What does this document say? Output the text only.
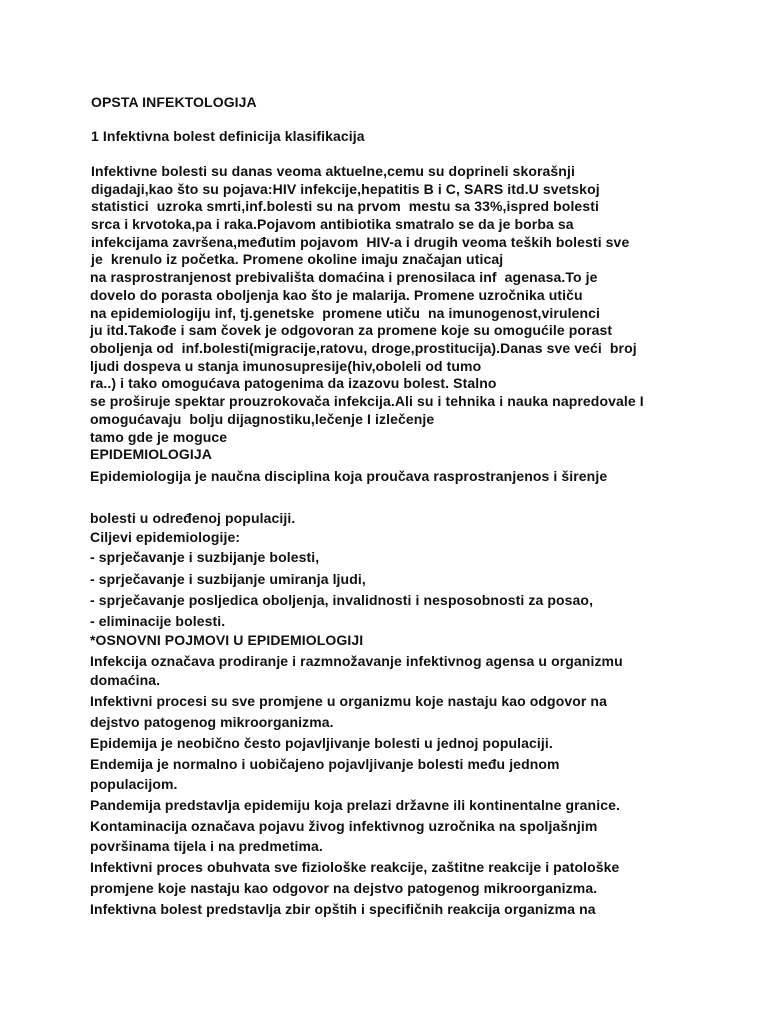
OPSTA INFEKTOLOGIJA
1 Infektivna bolest definicija klasifikacija
Infektivne bolesti su danas veoma aktuelne,cemu su doprineli skorašnji
digadaji,kao što su pojava:HIV infekcije,hepatitis B i C, SARS itd.U svetskoj
statistici  uzroka smrti,inf.bolesti su na prvom  mestu sa 33%,ispred bolesti
srca i krvotoka,pa i raka.Pojavom antibiotika smatralo se da je borba sa
infekcijama završena,međutim pojavom  HIV-a i drugih veoma teških bolesti sve
je  krenulo iz početka. Promene okoline imaju značajan uticaj
na rasprostranjenost prebivališta domaćina i prenosilaca inf  agenasa.To je
dovelo do porasta oboljenja kao što je malarija. Promene uzročnika utiču
na epidemiologiju inf, tj.genetske  promene utiču  na imunogenost,virulenci
ju itd.Takođe i sam čovek je odgovoran za promene koje su omogućile porast
oboljenja od  inf.bolesti(migracije,ratovu, droge,prostitucija).Danas sve veći  broj
ljudi dospeva u stanja imunosupresije(hiv,oboleli od tumo
ra..) i tako omogućava patogenima da izazovu bolest. Stalno
se proširuje spektar prouzrokovača infekcija.Ali su i tehnika i nauka napredovale I
omogućavaju  bolju dijagnostiku,lečenje I izlečenje
tamo gde je moguce
EPIDEMIOLOGIJA
Epidemiologija je naučna disciplina koja proučava rasprostranjenos i širenje
bolesti u određenoj populaciji.
Ciljevi epidemiologije:
- sprječavanje i suzbijanje bolesti,
- sprječavanje i suzbijanje umiranja ljudi,
- sprječavanje posljedica oboljenja, invalidnosti i nesposobnosti za posao,
- eliminacije bolesti.
*OSNOVNI POJMOVI U EPIDEMIOLOGIJI
Infekcija označava prodiranje i razmnožavanje infektivnog agensa u organizmu
domaćina.
Infektivni procesi su sve promjene u organizmu koje nastaju kao odgovor na
dejstvo patogenog mikroorganizma.
Epidemija je neobično često pojavljivanje bolesti u jednoj populaciji.
Endemija je normalno i uobičajeno pojavljivanje bolesti među jednom
populacijom.
Pandemija predstavlja epidemiju koja prelazi državne ili kontinentalne granice.
Kontaminacija označava pojavu živog infektivnog uzročnika na spoljašnjim
površinama tijela i na predmetima.
Infektivni proces obuhvata sve fiziološke reakcije, zaštitne reakcije i patološke
promjene koje nastaju kao odgovor na dejstvo patogenog mikroorganizma.
Infektivna bolest predstavlja zbir opštih i specifičnih reakcija organizma na
